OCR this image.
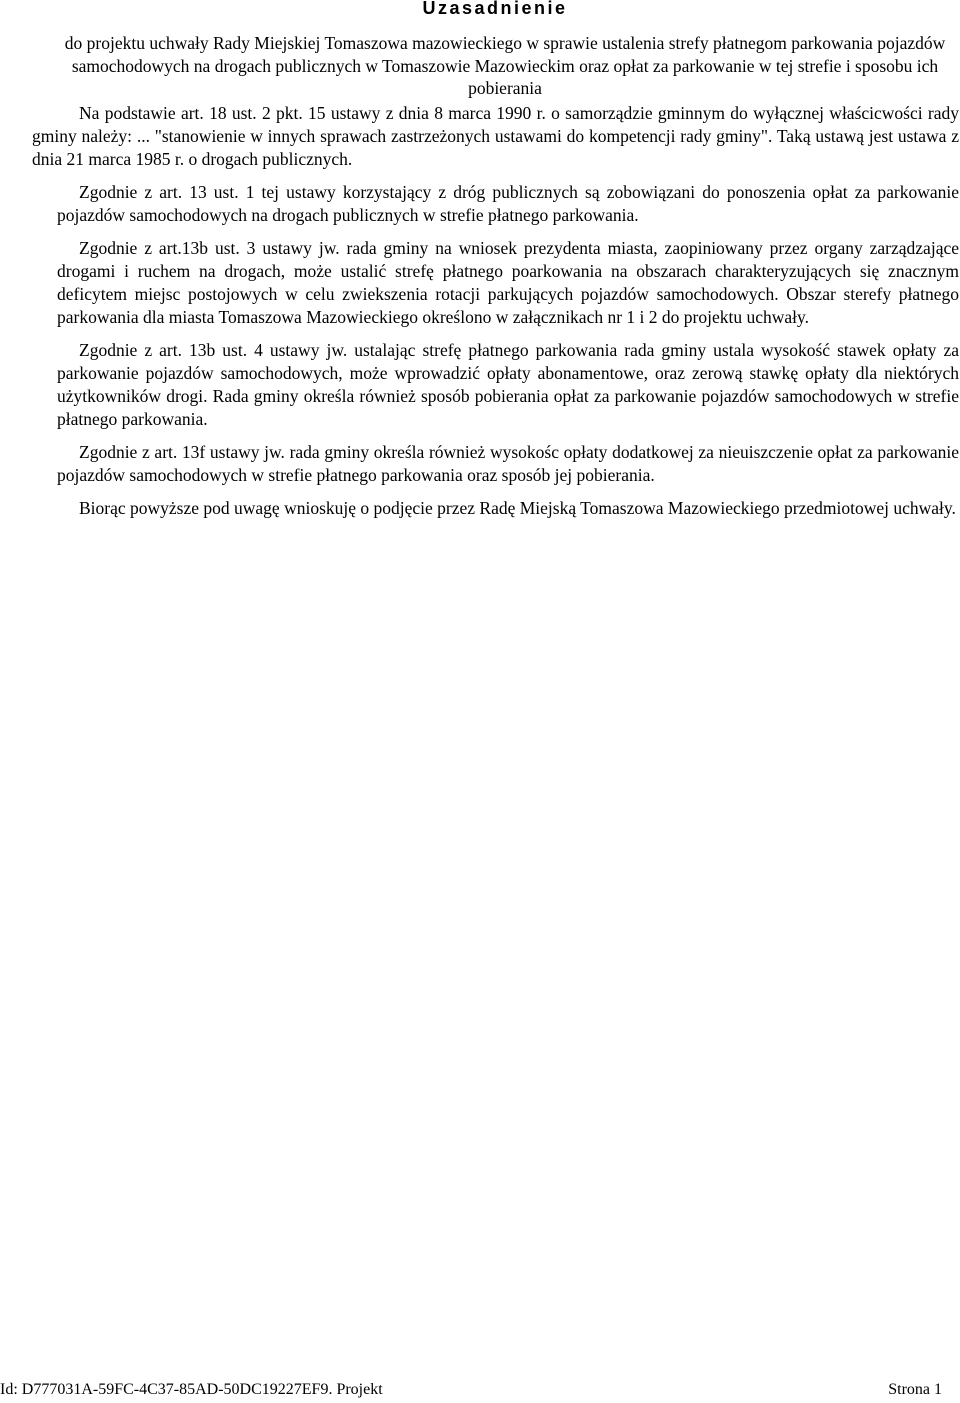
Uzasadnienie

do projektu uchwały Rady Miejskiej Tomaszowa mazowieckiego w sprawie ustalenia strefy płatnegom parkowania pojazdów samochodowych na drogach publicznych w Tomaszowie Mazowieckim oraz opłat za parkowanie w tej strefie i sposobu ich pobierania

Na podstawie art. 18 ust. 2 pkt. 15 ustawy z dnia 8 marca 1990 r. o samorządzie gminnym do wyłącznej właścicwości rady gminy należy: ... "stanowienie w innych sprawach zastrzeżonych ustawami do kompetencji rady gminy". Taką ustawą jest ustawa z dnia 21 marca 1985 r. o drogach publicznych.

Zgodnie z art. 13 ust. 1 tej ustawy korzystający z dróg publicznych są zobowiązani do ponoszenia opłat za parkowanie pojazdów samochodowych na drogach publicznych w strefie płatnego parkowania.

Zgodnie z art.13b ust. 3 ustawy jw. rada gminy na wniosek prezydenta miasta, zaopiniowany przez organy zarządzające drogami i ruchem na drogach, może ustalić strefę płatnego poarkowania na obszarach charakteryzujących się znacznym deficytem miejsc postojowych w celu zwiekszenia rotacji parkujących pojazdów samochodowych. Obszar sterefy płatnego parkowania dla miasta Tomaszowa Mazowieckiego określono w załącznikach nr 1 i 2 do projektu uchwały.

Zgodnie z art. 13b ust. 4 ustawy jw. ustalając strefę płatnego parkowania rada gminy ustala wysokość stawek opłaty za parkowanie pojazdów samochodowych, może wprowadzić opłaty abonamentowe, oraz zerową stawkę opłaty dla niektórych użytkowników drogi. Rada gminy określa również sposób pobierania opłat za parkowanie pojazdów samochodowych w strefie płatnego parkowania.

Zgodnie z art. 13f ustawy jw. rada gminy określa również wysokośc opłaty dodatkowej za nieuiszczenie opłat za parkowanie pojazdów samochodowych w strefie płatnego parkowania oraz sposób jej pobierania.

Biorąc powyższe pod uwagę wnioskuję o podjęcie przez Radę Miejską Tomaszowa Mazowieckiego przedmiotowej uchwały.

Id: D777031A-59FC-4C37-85AD-50DC19227EF9. Projekt	Strona 1
